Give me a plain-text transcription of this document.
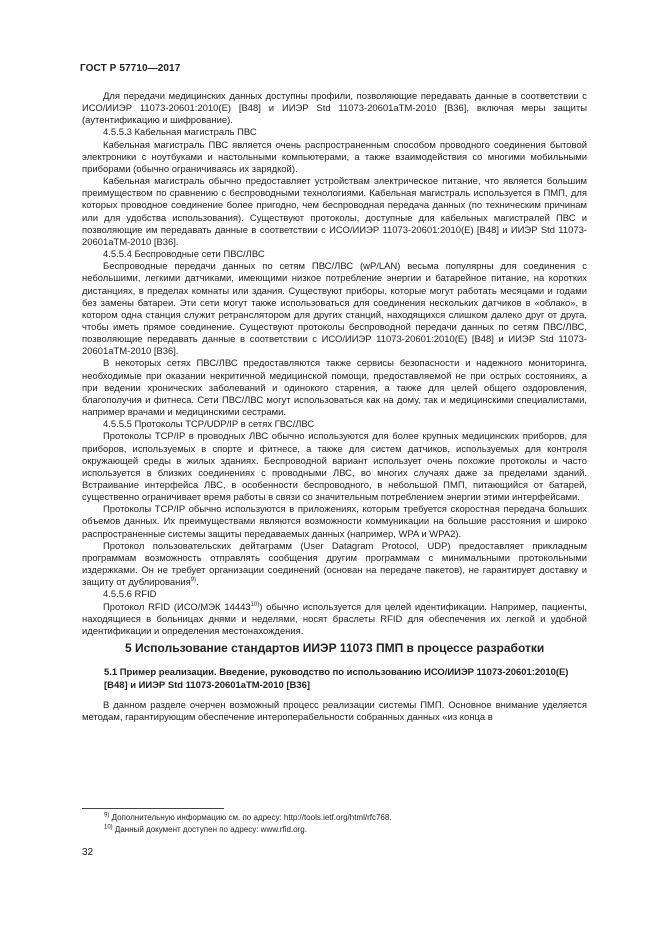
ГОСТ Р 57710—2017

Для передачи медицинских данных доступны профили, позволяющие передавать данные в соответствии с ИСО/ИИЭР 11073-20601:2010(E) [B48] и ИИЭР Std 11073-20601aTM-2010 [B36], включая меры защиты (аутентификацию и шифрование).

4.5.5.3 Кабельная магистраль ПВС

Кабельная магистраль ПВС является очень распространенным способом проводного соединения бытовой электроники с ноутбуками и настольными компьютерами, а также взаимодействия со многими мобильными приборами (обычно ограничиваясь их зарядкой).

Кабельная магистраль обычно предоставляет устройствам электрическое питание, что является большим преимуществом по сравнению с беспроводными технологиями. Кабельная магистраль используется в ПМП, для которых проводное соединение более пригодно, чем беспроводная передача данных (по техническим причинам или для удобства использования). Существуют протоколы, доступные для кабельных магистралей ПВС и позволяющие им передавать данные в соответствии с ИСО/ИИЭР 11073-20601:2010(E) [B48] и ИИЭР Std 11073-20601aTM-2010 [B36].

4.5.5.4 Беспроводные сети ПВС/ЛВС

Беспроводные передачи данных по сетям ПВС/ЛВС (wP/LAN) весьма популярны для соединения с небольшими, легкими датчиками, имеющими низкое потребление энергии и батарейное питание, на коротких дистанциях, в пределах комнаты или здания. Существуют приборы, которые могут работать месяцами и годами без замены батареи. Эти сети могут также использоваться для соединения нескольких датчиков в «облако», в котором одна станция служит ретранслятором для других станций, находящихся слишком далеко друг от друга, чтобы иметь прямое соединение. Существуют протоколы беспроводной передачи данных по сетям ПВС/ЛВС, позволяющие передавать данные в соответствии с ИСО/ИИЭР 11073-20601:2010(E) [B48] и ИИЭР Std 11073-20601aTM-2010 [B36].

В некоторых сетях ПВС/ЛВС предоставляются также сервисы безопасности и надежного мониторинга, необходимые при оказании некритичной медицинской помощи, предоставляемой не при острых состояниях, а при ведении хронических заболеваний и одинокого старения, а также для целей общего оздоровления, благополучия и фитнеса. Сети ПВС/ЛВС могут использоваться как на дому, так и медицинскими специалистами, например врачами и медицинскими сестрами.

4.5.5.5 Протоколы TCP/UDP/IP в сетях ГВС/ЛВС

Протоколы TCP/IP в проводных ЛВС обычно используются для более крупных медицинских приборов, для приборов, используемых в спорте и фитнесе, а также для систем датчиков, используемых для контроля окружающей среды в жилых зданиях. Беспроводной вариант использует очень похожие протоколы и часто используется в близких соединениях с проводными ЛВС, во многих случаях даже за пределами зданий. Встраивание интерфейса ЛВС, в особенности беспроводного, в небольшой ПМП, питающийся от батарей, существенно ограничивает время работы в связи со значительным потреблением энергии этими интерфейсами.

Протоколы TCP/IP обычно используются в приложениях, которым требуется скоростная передача больших объемов данных. Их преимуществами являются возможности коммуникации на большие расстояния и широко распространенные системы защиты передаваемых данных (например, WPA и WPA2).

Протокол пользовательских дейтаграмм (User Datagram Protocol, UDP) предоставляет прикладным программам возможность отправлять сообщения другим программам с минимальными протокольными издержками. Он не требует организации соединений (основан на передаче пакетов), не гарантирует доставку и защиту от дублирования$^{9)}$.

4.5.5.6 RFID

Протокол RFID (ИСО/МЭК 14443$^{10)}$) обычно используется для целей идентификации. Например, пациенты, находящиеся в больницах днями и неделями, носят браслеты RFID для обеспечения их легкой и удобной идентификации и определения местонахождения.

5 Использование стандартов ИИЭР 11073 ПМП в процессе разработки
5.1 Пример реализации. Введение, руководство по использованию ИСО/ИИЭР 11073-20601:2010(E) [B48] и ИИЭР Std 11073-20601aTM-2010 [B36]

В данном разделе очерчен возможный процесс реализации системы ПМП. Основное внимание уделяется методам, гарантирующим обеспечение интероперабельности собранных данных «из конца в

$^{9)}$ Дополнительную информацию см. по адресу: http://tools.ietf.org/html/rfc768.

$^{10)}$ Данный документ доступен по адресу: www.rfid.org.

32
